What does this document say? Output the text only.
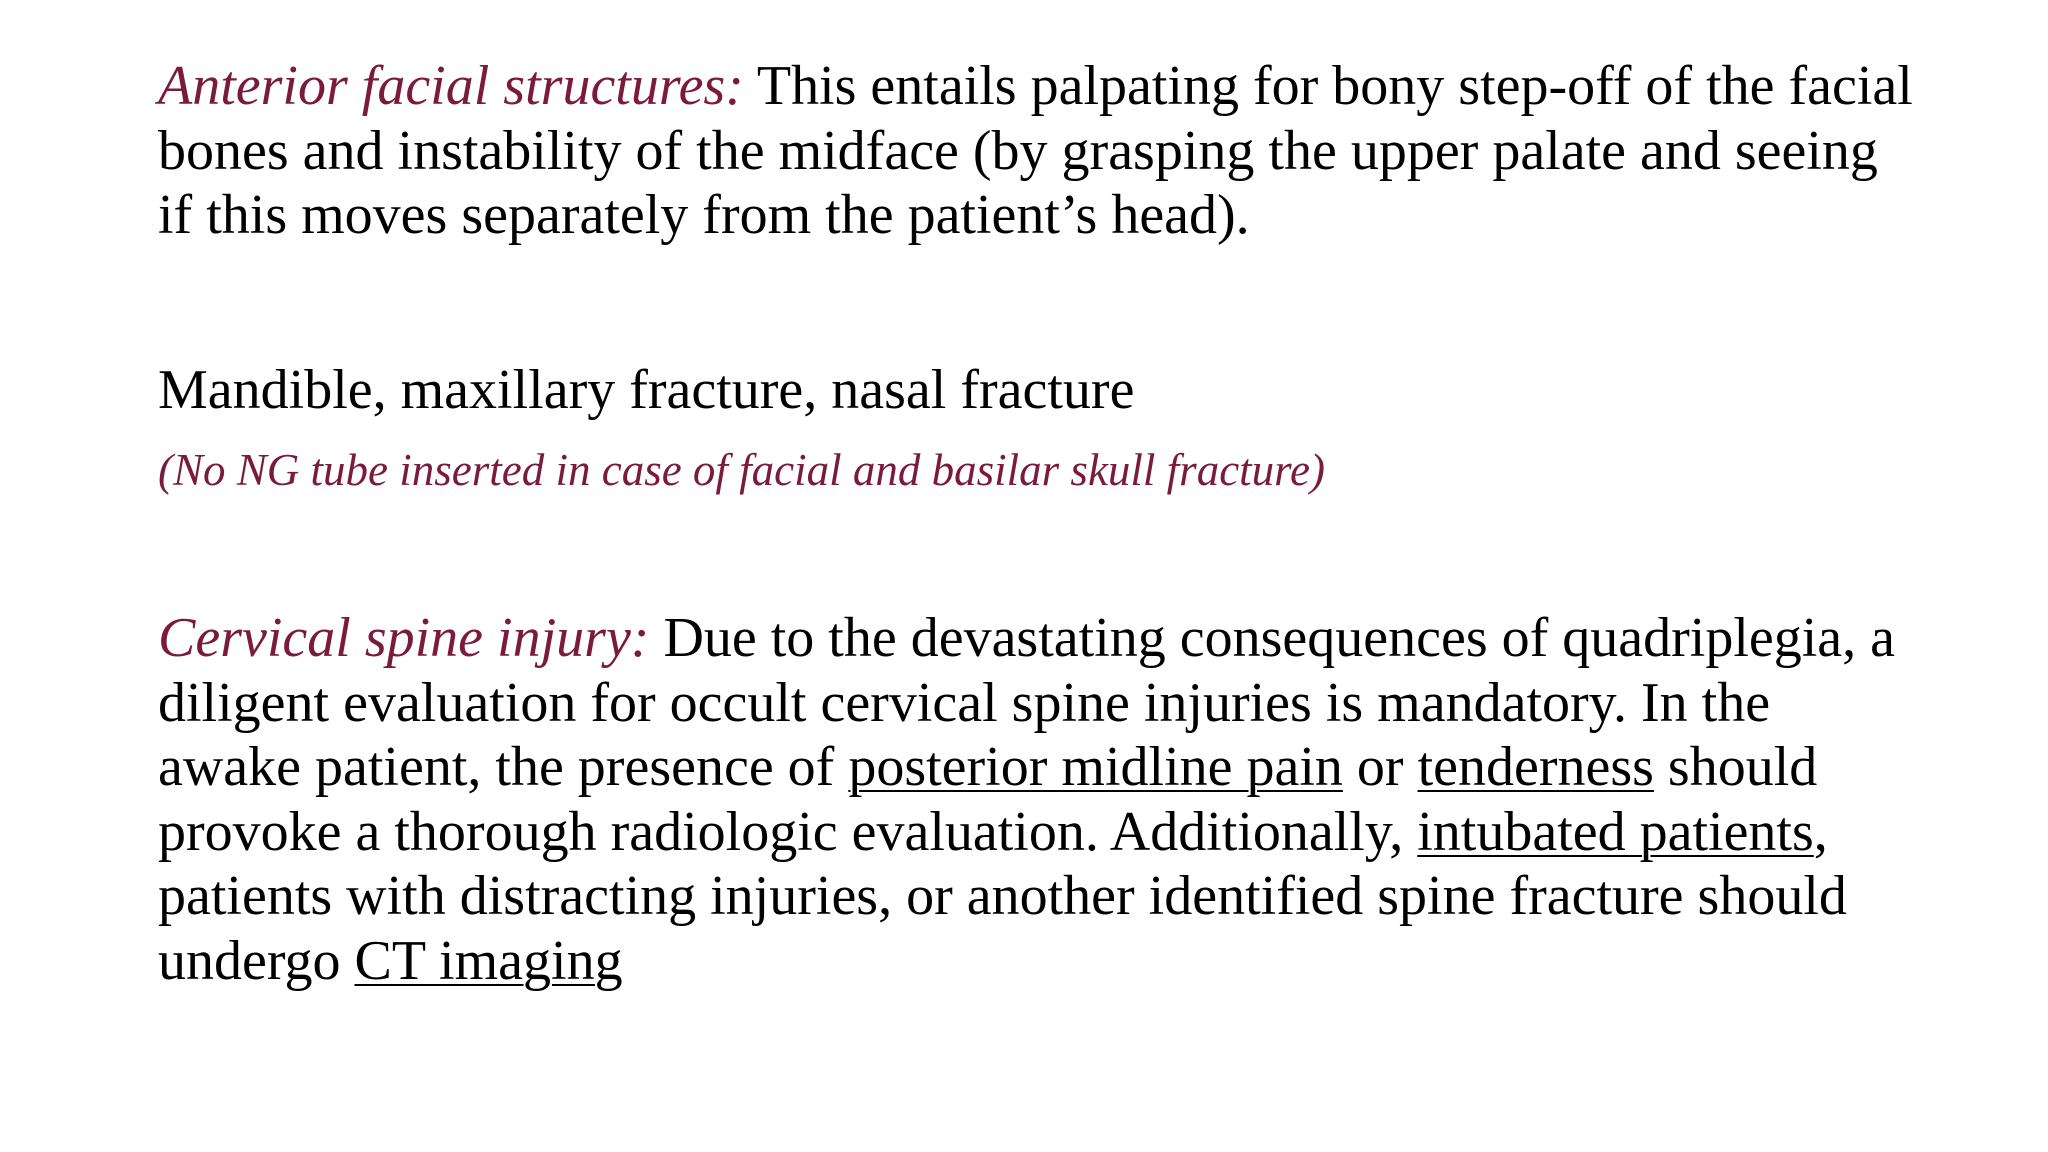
Anterior facial structures: This entails palpating for bony step-off of the facial bones and instability of the midface (by grasping the upper palate and seeing if this moves separately from the patient’s head).

Mandible, maxillary fracture, nasal fracture

(No NG tube inserted in case of facial and basilar skull fracture)

Cervical spine injury: Due to the devastating consequences of quadriplegia, a diligent evaluation for occult cervical spine injuries is mandatory. In the awake patient, the presence of posterior midline pain or tenderness should provoke a thorough radiologic evaluation. Additionally, intubated patients, patients with distracting injuries, or another identified spine fracture should undergo CT imaging
